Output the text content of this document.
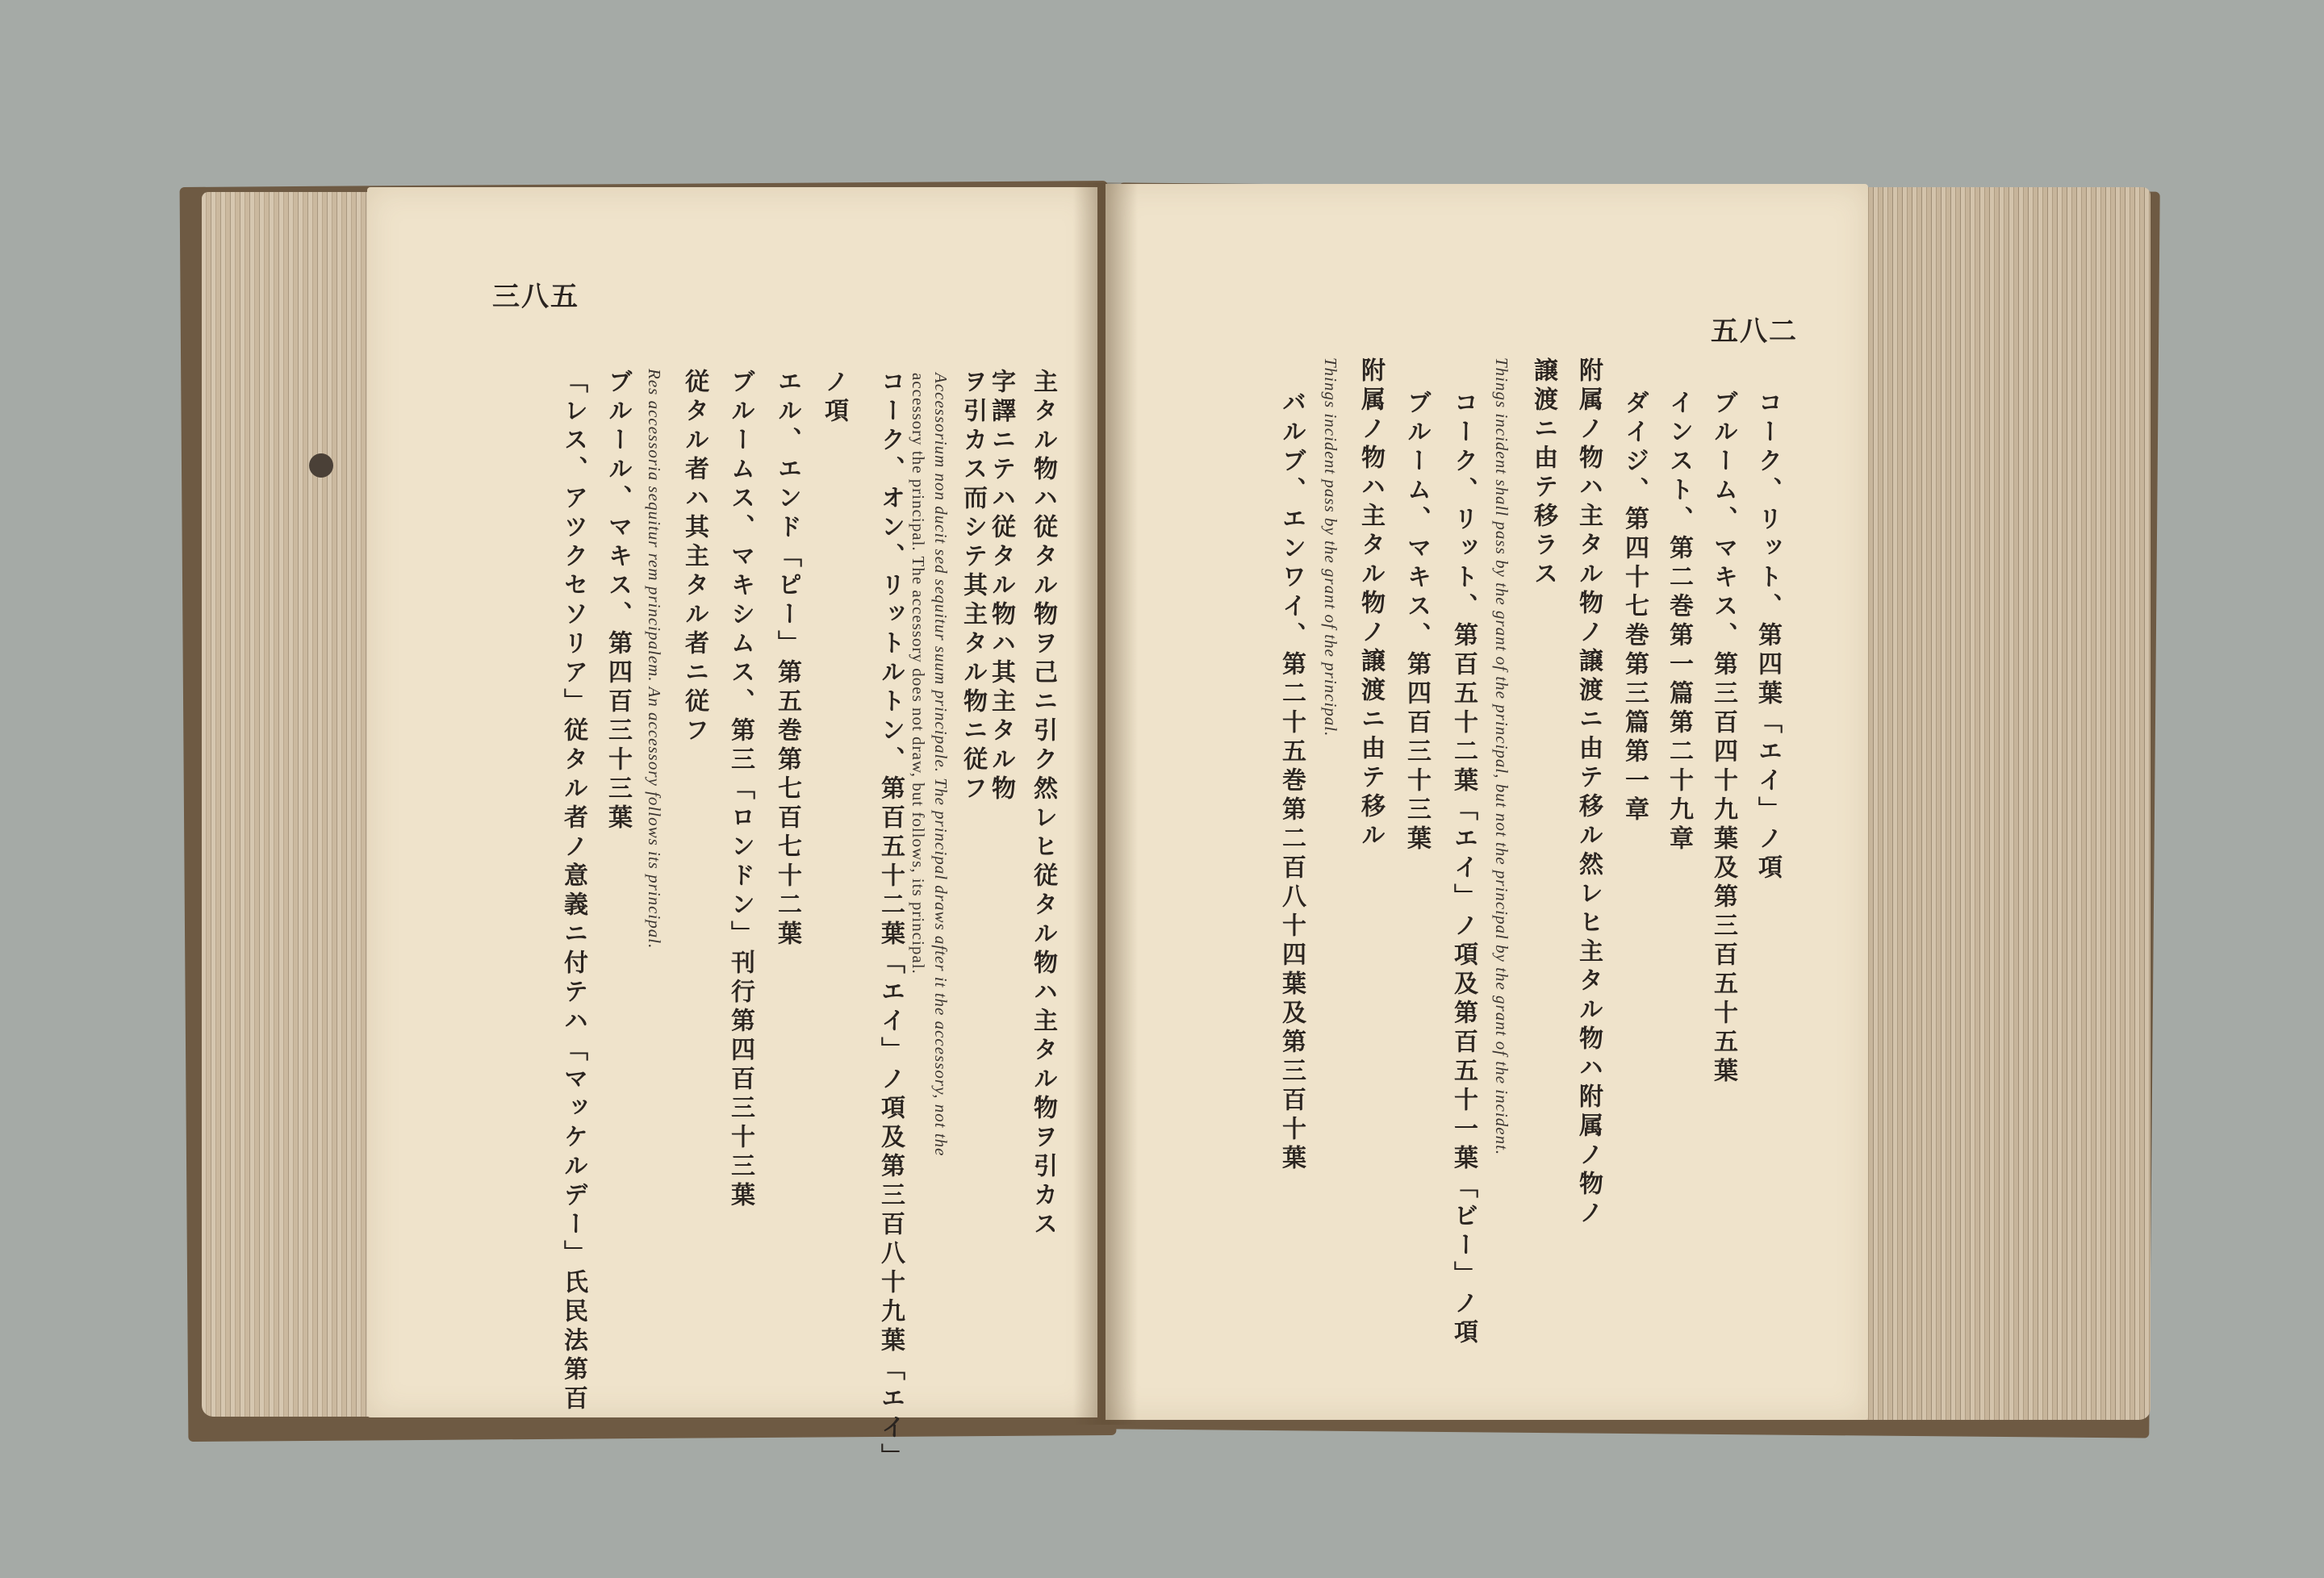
三八五
主タル物ハ従タル物ヲ己ニ引ク然レヒ従タル物ハ主タル物ヲ引カス
字譯ニテハ従タル物ハ其主タル物
ヲ引カス而シテ其主タル物ニ従フ
Accessorium non ducit sed sequitur suum principale. The principal draws after it the accessory, not the
accessory the principal. The accessory does not draw, but follows, its principal.
コーク、オン、リットルトン、第百五十二葉「エイ」ノ項及第三百八十九葉「エイ」
ノ項
エル、エンド「ピー」第五巻第七百七十二葉
ブルームス、マキシムス、第三「ロンドン」刊行第四百三十三葉
従タル者ハ其主タル者ニ従フ
Res accessoria sequitur rem principalem. An accessory follows its principal.
ブルール、マキス、第四百三十三葉
「レス、アツクセソリア」従タル者ノ意義ニ付テハ「マッケルデー」氏民法第百
五八二
コーク、リット、第四葉「エイ」ノ項
ブルーム、マキス、第三百四十九葉及第三百五十五葉
インスト、第二巻第一篇第二十九章
ダイジ、第四十七巻第三篇第一章
附属ノ物ハ主タル物ノ譲渡ニ由テ移ル然レヒ主タル物ハ附属ノ物ノ
譲渡ニ由テ移ラス
Things incident shall pass by the grant of the principal, but not the principal by the grant of the incident.
コーク、リット、第百五十二葉「エイ」ノ項及第百五十一葉「ビー」ノ項
ブルーム、マキス、第四百三十三葉
附属ノ物ハ主タル物ノ譲渡ニ由テ移ル
Things incident pass by the grant of the principal.
バルブ、エンワイ、第二十五巻第二百八十四葉及第三百十葉
